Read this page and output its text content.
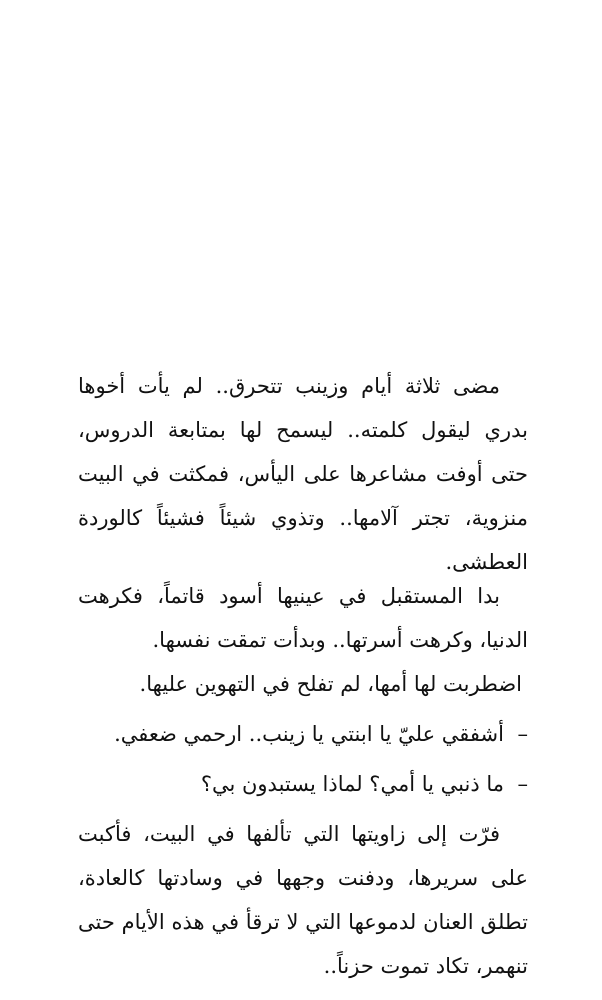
مضى ثلاثة أيام وزينب تتحرق.. لم يأت أخوها بدري ليقول كلمته.. ليسمح لها بمتابعة الدروس، حتى أوفت مشاعرها على اليأس، فمكثت في البيت منزوية، تجتر آلامها.. وتذوي شيئاً فشيئاً كالوردة العطشى.

بدا المستقبل في عينيها أسود قاتماً، فكرهت الدنيا، وكرهت أسرتها.. وبدأت تمقت نفسها.

اضطربت لها أمها، لم تفلح في التهوين عليها.
–أشفقي عليّ يا ابنتي يا زينب.. ارحمي ضعفي.
–ما ذنبي يا أمي؟ لماذا يستبدون بي؟

فرّت إلى زاويتها التي تألفها في البيت، فأكبت على سريرها، ودفنت وجهها في وسادتها كالعادة، تطلق العنان لدموعها التي لا ترقأ في هذه الأيام حتى تنهمر، تكاد تموت حزناً..
